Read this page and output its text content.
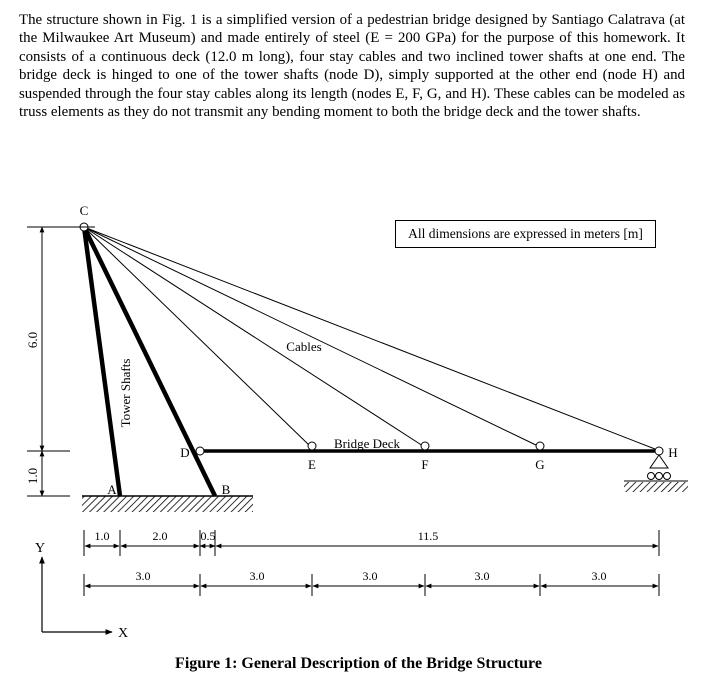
The structure shown in Fig. 1 is a simplified version of a pedestrian bridge designed by Santiago Calatrava (at the Milwaukee Art Museum) and made entirely of steel (E = 200 GPa) for the purpose of this homework. It consists of a continuous deck (12.0 m long), four stay cables and two inclined tower shafts at one end. The bridge deck is hinged to one of the tower shafts (node D), simply supported at the other end (node H) and suspended through the four stay cables along its length (nodes E, F, G, and H). These cables can be modeled as truss elements as they do not transmit any bending moment to both the bridge deck and the tower shafts.

6.0
1.0
1.0	2.0	0.5	11.5
3.0	3.0	3.0	3.0	3.0
Y
X
C
A	B
D
E	F	G
H
Cables
Bridge Deck
Tower Shafts
All dimensions are expressed in meters [m]
Figure 1: General Description of the Bridge Structure
